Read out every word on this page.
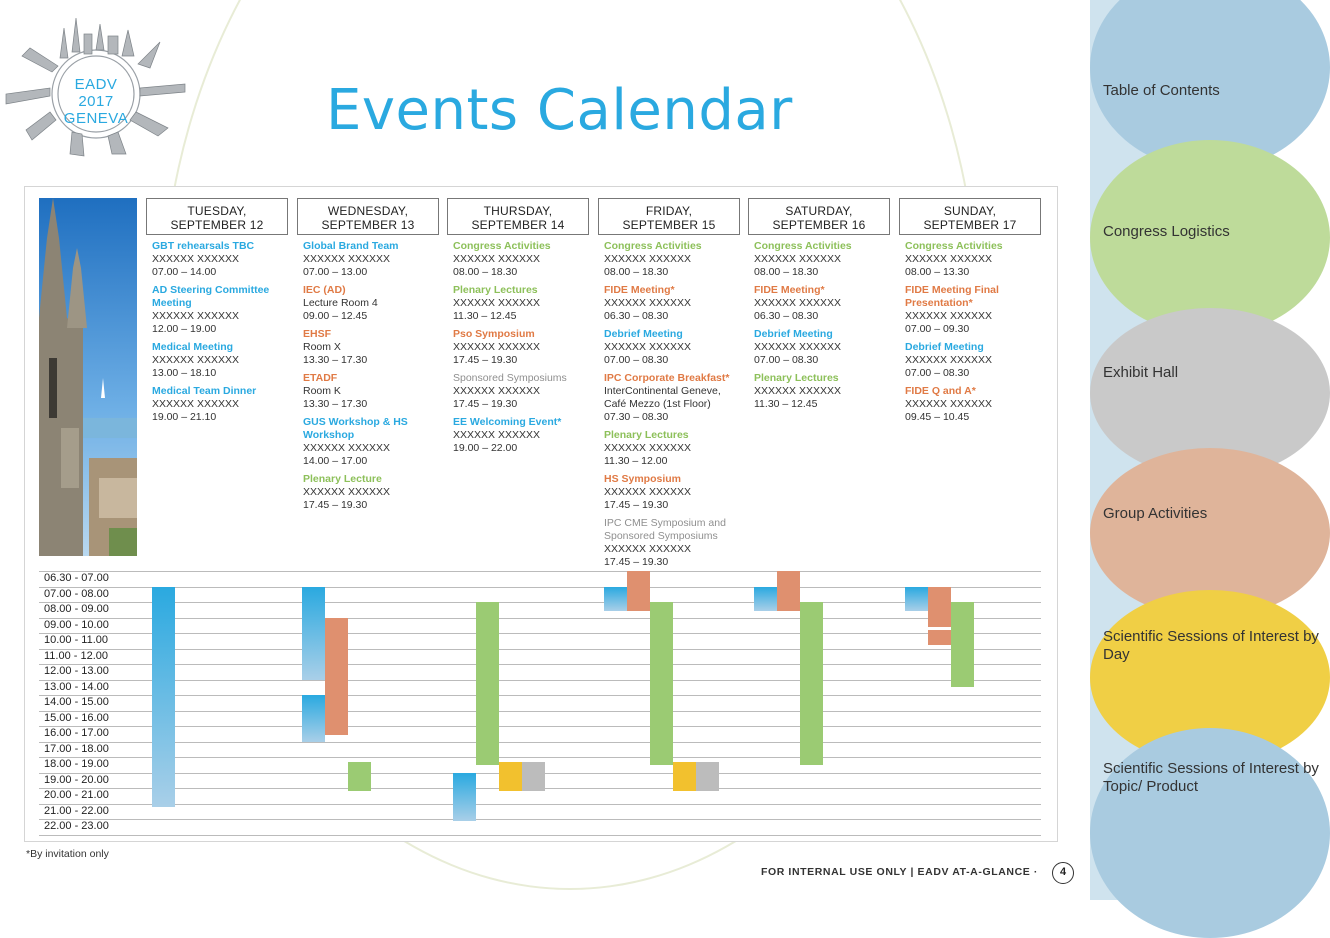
EADV
2017
GENEVA	Events Calendar
TUESDAY,
SEPTEMBER 12
WEDNESDAY,
SEPTEMBER 13
THURSDAY,
SEPTEMBER 14
FRIDAY,
SEPTEMBER 15
SATURDAY,
SEPTEMBER 16
SUNDAY,
SEPTEMBER 17
GBT rehearsals TBC
XXXXXX XXXXXX
07.00 – 14.00
AD Steering Committee Meeting
XXXXXX XXXXXX
12.00 – 19.00
Medical Meeting
XXXXXX XXXXXX
13.00 – 18.10
Medical Team Dinner
XXXXXX XXXXXX
19.00 – 21.10
Global Brand Team
XXXXXX XXXXXX
07.00 – 13.00
IEC (AD)
Lecture Room 4
09.00 – 12.45
EHSF
Room X
13.30 – 17.30
ETADF
Room K
13.30 – 17.30
GUS Workshop & HS Workshop
XXXXXX XXXXXX
14.00 – 17.00
Plenary Lecture
XXXXXX XXXXXX
17.45 – 19.30
Congress Activities
XXXXXX XXXXXX
08.00 – 18.30
Plenary Lectures
XXXXXX XXXXXX
11.30 – 12.45
Pso Symposium
XXXXXX XXXXXX
17.45 – 19.30
Sponsored Symposiums
XXXXXX XXXXXX
17.45 – 19.30
EE Welcoming Event*
XXXXXX XXXXXX
19.00 – 22.00
Congress Activities
XXXXXX XXXXXX
08.00 – 18.30
FIDE Meeting*
XXXXXX XXXXXX
06.30 – 08.30
Debrief Meeting
XXXXXX XXXXXX
07.00 – 08.30
IPC Corporate Breakfast*
InterContinental Geneve,
Café Mezzo (1st Floor)
07.30 – 08.30
Plenary Lectures
XXXXXX XXXXXX
11.30 – 12.00
HS Symposium
XXXXXX XXXXXX
17.45 – 19.30
IPC CME Symposium and Sponsored Symposiums
XXXXXX XXXXXX
17.45 – 19.30
Congress Activities
XXXXXX XXXXXX
08.00 – 18.30
FIDE Meeting*
XXXXXX XXXXXX
06.30 – 08.30
Debrief Meeting
XXXXXX XXXXXX
07.00 – 08.30
Plenary Lectures
XXXXXX XXXXXX
11.30 – 12.45
Congress Activities
XXXXXX XXXXXX
08.00 – 13.30
FIDE Meeting Final Presentation*
XXXXXX XXXXXX
07.00 – 09.30
Debrief Meeting
XXXXXX XXXXXX
07.00 – 08.30
FIDE Q and A*
XXXXXX XXXXXX
09.45 – 10.45
06.30 - 07.00
07.00 - 08.00
08.00 - 09.00
09.00 - 10.00
10.00 - 11.00
11.00 - 12.00
12.00 - 13.00
13.00 - 14.00
14.00 - 15.00
15.00 - 16.00
16.00 - 17.00
17.00 - 18.00
18.00 - 19.00
19.00 - 20.00
20.00 - 21.00
21.00 - 22.00
22.00 - 23.00
*By invitation only
FOR INTERNAL USE ONLY | EADV AT-A-GLANCE ·	4
Table of Contents
Congress Logistics
Exhibit Hall
Group Activities
Scientific Sessions of Interest by Day
Scientific Sessions of Interest by Topic/ Product
